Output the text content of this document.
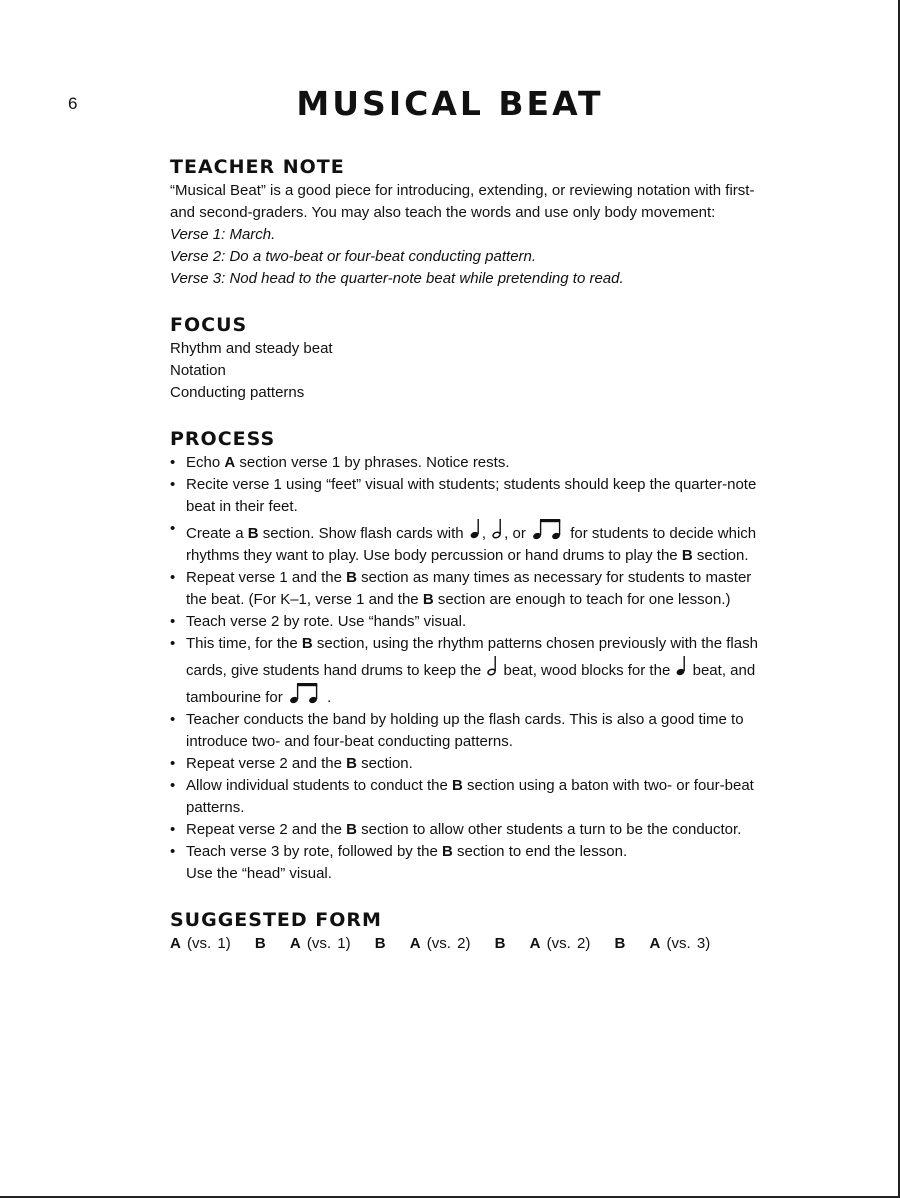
6	MUSICAL BEAT
TEACHER NOTE

“Musical Beat” is a good piece for introducing, extending, or reviewing notation with first- and second-graders. You may also teach the words and use only body movement:

Verse 1: March.

Verse 2: Do a two-beat or four-beat conducting pattern.

Verse 3: Nod head to the quarter-note beat while pretending to read.

FOCUS

Rhythm and steady beat

Notation

Conducting patterns

PROCESS
• Echo A section verse 1 by phrases. Notice rests.
• Recite verse 1 using “feet” visual with students; students should keep the quarter-note beat in their feet.
• Create a B section. Show flash cards with , , or	for students to decide which rhythms they want to play. Use body percussion or hand drums to play the B section.
• Repeat verse 1 and the B section as many times as necessary for students to master the beat. (For K–1, verse 1 and the B section are enough to teach for one lesson.)
• Teach verse 2 by rote. Use “hands” visual.
• This time, for the B section, using the rhythm patterns chosen previously with the flash cards, give students hand drums to keep the  beat, wood blocks for the  beat, and tambourine for	.
• Teacher conducts the band by holding up the flash cards. This is also a good time to introduce two- and four-beat conducting patterns.
• Repeat verse 2 and the B section.
• Allow individual students to conduct the B section using a baton with two- or four-beat patterns.
• Repeat verse 2 and the B section to allow other students a turn to be the conductor.
• Teach verse 3 by rote, followed by the B section to end the lesson.
Use the “head” visual.
SUGGESTED FORM
A (vs. 1) B A (vs. 1) B A (vs. 2) B A (vs. 2) B A (vs. 3)
